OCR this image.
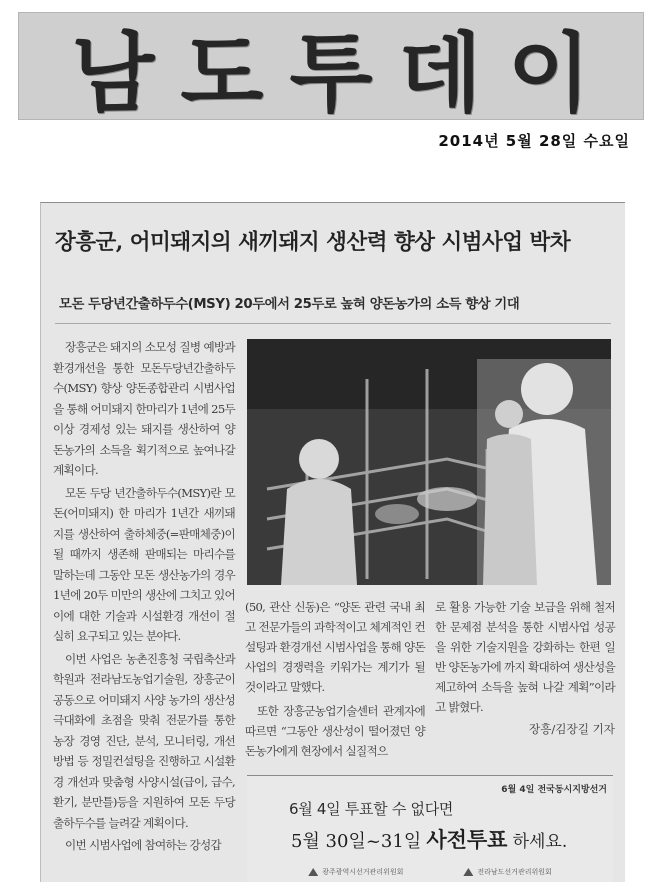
남도투데이
2014년 5월 28일 수요일
장흥군, 어미돼지의 새끼돼지 생산력 향상 시범사업 박차
모돈 두당년간출하두수(MSY) 20두에서 25두로 높혀 양돈농가의 소득 향상 기대

장흥군은 돼지의 소모성 질병 예방과 환경개선을 통한 모돈두당년간출하두수(MSY) 향상 양돈종합관리 시범사업을 통해 어미돼지 한마리가 1년에 25두 이상 경제성 있는 돼지를 생산하여 양돈농가의 소득을 획기적으로 높여나갈 계획이다.

모돈 두당 년간출하두수(MSY)란 모돈(어미돼지) 한 마리가 1년간 새끼돼지를 생산하여 출하체중(=판매체중)이 될 때까지 생존해 판매되는 마리수를 말하는데 그동안 모돈 생산농가의 경우 1년에 20두 미만의 생산에 그치고 있어 이에 대한 기술과 시설환경 개선이 절실히 요구되고 있는 분야다.

이번 사업은 농촌진흥청 국립축산과학원과 전라남도농업기술원, 장흥군이 공동으로 어미돼지 사양 농가의 생산성 극대화에 초점을 맞춰 전문가를 통한 농장 경영 진단, 분석, 모니터링, 개선 방법 등 정밀컨설팅을 진행하고 시설환경 개선과 맞춤형 사양시설(급이, 급수, 환기, 분만틀)등을 지원하여 모돈 두당 출하두수를 늘려갈 계획이다.

이번 시범사업에 참여하는 강성갑

(50, 관산 신동)은 “양돈 관련 국내 최고 전문가들의 과학적이고 체계적인 컨설팅과 환경개선 시범사업을 통해 양돈사업의 경쟁력을 키워가는 계기가 될 것이라고 말했다.

또한 장흥군농업기술센터 관계자에 따르면 “그동안 생산성이 떨어졌던 양돈농가에게 현장에서 실질적으

로 활용 가능한 기술 보급을 위해 철저한 문제점 분석을 통한 시범사업 성공을 위한 기술지원을 강화하는 한편 일반 양돈농가에 까지 확대하여 생산성을 제고하여 소득을 높혀 나갈 계획”이라고 밝혔다.

장흥/김장길 기자
6월 4일 전국동시지방선거
6월 4일 투표할 수 없다면
5월 30일~31일 사전투표 하세요.
광주광역시선거관리위원회	전라남도선거관리위원회
